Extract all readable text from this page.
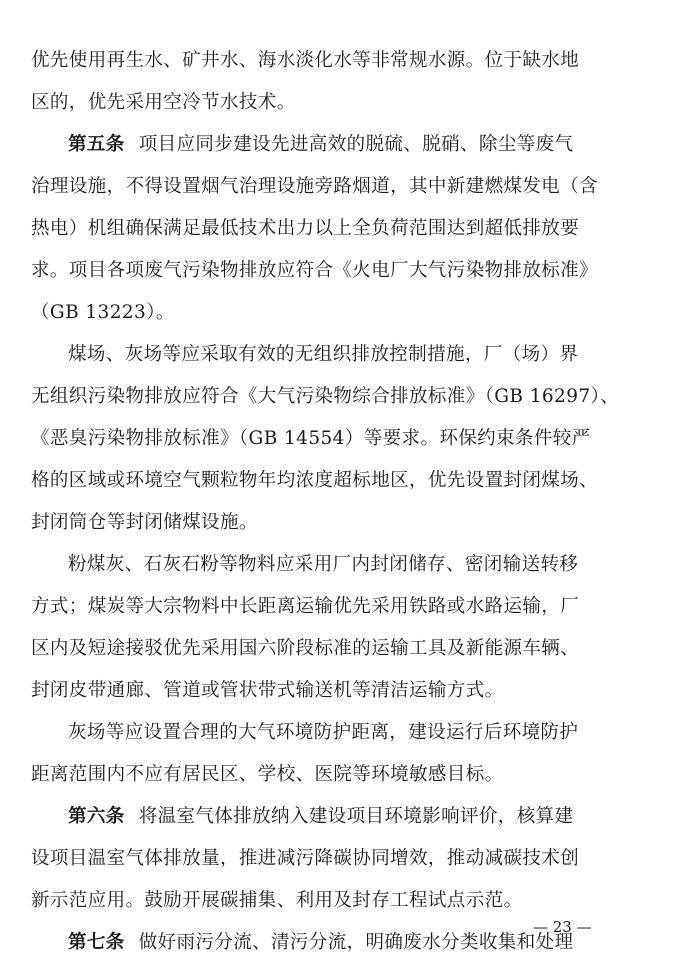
优先使用再生水、矿井水、海水淡化水等非常规水源。位于缺水地
区的，优先采用空冷节水技术。
第五条 项目应同步建设先进高效的脱硫、脱硝、除尘等废气
治理设施，不得设置烟气治理设施旁路烟道，其中新建燃煤发电（含
热电）机组确保满足最低技术出力以上全负荷范围达到超低排放要
求。项目各项废气污染物排放应符合《火电厂大气污染物排放标准》
（GB 13223）。
煤场、灰场等应采取有效的无组织排放控制措施，厂（场）界
无组织污染物排放应符合《大气污染物综合排放标准》（GB 16297）、
《恶臭污染物排放标准》（GB 14554）等要求。环保约束条件较严
格的区域或环境空气颗粒物年均浓度超标地区，优先设置封闭煤场、
封闭筒仓等封闭储煤设施。
粉煤灰、石灰石粉等物料应采用厂内封闭储存、密闭输送转移
方式；煤炭等大宗物料中长距离运输优先采用铁路或水路运输，厂
区内及短途接驳优先采用国六阶段标准的运输工具及新能源车辆、
封闭皮带通廊、管道或管状带式输送机等清洁运输方式。
灰场等应设置合理的大气环境防护距离，建设运行后环境防护
距离范围内不应有居民区、学校、医院等环境敏感目标。
第六条 将温室气体排放纳入建设项目环境影响评价，核算建
设项目温室气体排放量，推进减污降碳协同增效，推动减碳技术创
新示范应用。鼓励开展碳捕集、利用及封存工程试点示范。
第七条 做好雨污分流、清污分流，明确废水分类收集和处理
— 23 —
